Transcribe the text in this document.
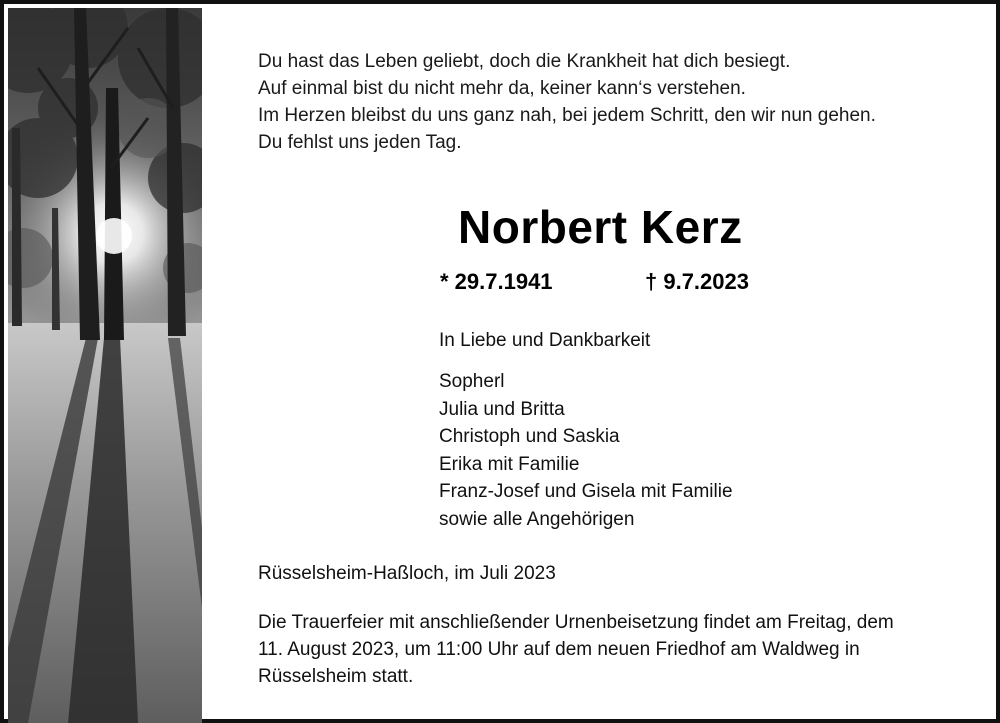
Du hast das Leben geliebt, doch die Krankheit hat dich besiegt.
Auf einmal bist du nicht mehr da, keiner kann‘s verstehen.
Im Herzen bleibst du uns ganz nah, bei jedem Schritt, den wir nun gehen.
Du fehlst uns jeden Tag.
Norbert Kerz
* 29.7.1941	† 9.7.2023
In Liebe und Dankbarkeit
Sopherl
Julia und Britta
Christoph und Saskia
Erika mit Familie
Franz-Josef und Gisela mit Familie
sowie alle Angehörigen
Rüsselsheim-Haßloch, im Juli 2023
Die Trauerfeier mit anschließender Urnenbeisetzung findet am Freitag, dem
11. August 2023, um 11:00 Uhr auf dem neuen Friedhof am Waldweg in
Rüsselsheim statt.
